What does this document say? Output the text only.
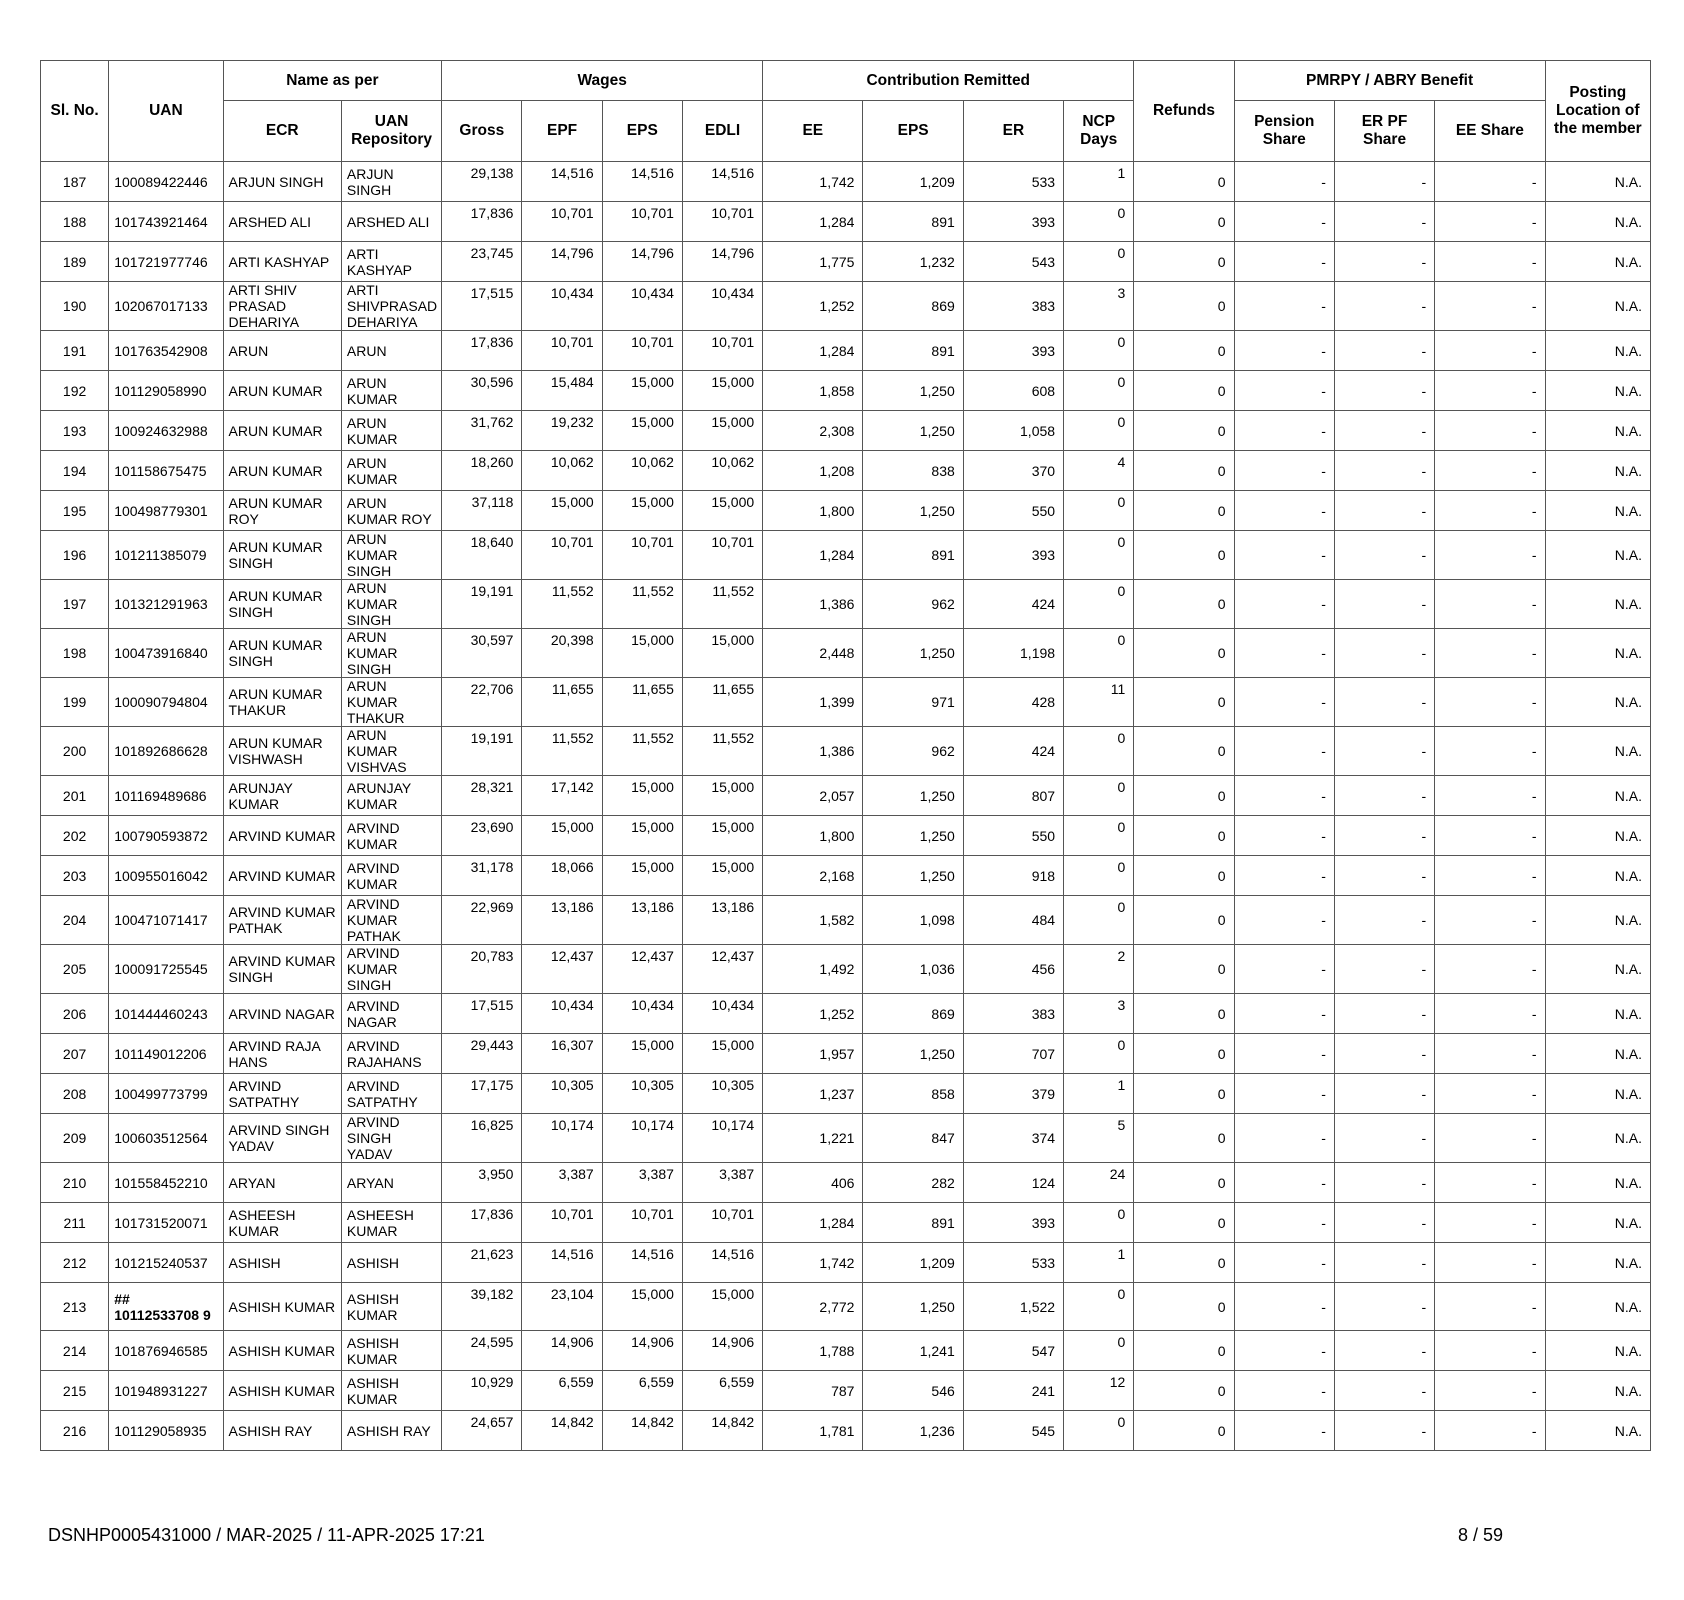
Sl. No.	UAN	Name as per		Wages				Contribution Remitted				Refunds	PMRPY / ABRY Benefit			Posting Location of the member
		ECR	UAN Repository	Gross	EPF	EPS	EDLI	EE	EPS	ER	NCP Days		Pension Share	ER PF Share	EE Share	
187	100089422446	ARJUN SINGH	ARJUN SINGH	29,138	14,516	14,516	14,516	1,742	1,209	533	1	0	-	-	-	N.A.
188	101743921464	ARSHED ALI	ARSHED ALI	17,836	10,701	10,701	10,701	1,284	891	393	0	0	-	-	-	N.A.
189	101721977746	ARTI KASHYAP	ARTI KASHYAP	23,745	14,796	14,796	14,796	1,775	1,232	543	0	0	-	-	-	N.A.
190	102067017133	ARTI SHIV PRASAD DEHARIYA	ARTI SHIVPRASAD DEHARIYA	17,515	10,434	10,434	10,434	1,252	869	383	3	0	-	-	-	N.A.
191	101763542908	ARUN	ARUN	17,836	10,701	10,701	10,701	1,284	891	393	0	0	-	-	-	N.A.
192	101129058990	ARUN KUMAR	ARUN KUMAR	30,596	15,484	15,000	15,000	1,858	1,250	608	0	0	-	-	-	N.A.
193	100924632988	ARUN KUMAR	ARUN KUMAR	31,762	19,232	15,000	15,000	2,308	1,250	1,058	0	0	-	-	-	N.A.
194	101158675475	ARUN KUMAR	ARUN KUMAR	18,260	10,062	10,062	10,062	1,208	838	370	4	0	-	-	-	N.A.
195	100498779301	ARUN KUMAR ROY	ARUN KUMAR ROY	37,118	15,000	15,000	15,000	1,800	1,250	550	0	0	-	-	-	N.A.
196	101211385079	ARUN KUMAR SINGH	ARUN KUMAR SINGH	18,640	10,701	10,701	10,701	1,284	891	393	0	0	-	-	-	N.A.
197	101321291963	ARUN KUMAR SINGH	ARUN KUMAR SINGH	19,191	11,552	11,552	11,552	1,386	962	424	0	0	-	-	-	N.A.
198	100473916840	ARUN KUMAR SINGH	ARUN KUMAR SINGH	30,597	20,398	15,000	15,000	2,448	1,250	1,198	0	0	-	-	-	N.A.
199	100090794804	ARUN KUMAR THAKUR	ARUN KUMAR THAKUR	22,706	11,655	11,655	11,655	1,399	971	428	11	0	-	-	-	N.A.
200	101892686628	ARUN KUMAR VISHWASH	ARUN KUMAR VISHVAS	19,191	11,552	11,552	11,552	1,386	962	424	0	0	-	-	-	N.A.
201	101169489686	ARUNJAY KUMAR	ARUNJAY KUMAR	28,321	17,142	15,000	15,000	2,057	1,250	807	0	0	-	-	-	N.A.
202	100790593872	ARVIND KUMAR	ARVIND KUMAR	23,690	15,000	15,000	15,000	1,800	1,250	550	0	0	-	-	-	N.A.
203	100955016042	ARVIND KUMAR	ARVIND KUMAR	31,178	18,066	15,000	15,000	2,168	1,250	918	0	0	-	-	-	N.A.
204	100471071417	ARVIND KUMAR PATHAK	ARVIND KUMAR PATHAK	22,969	13,186	13,186	13,186	1,582	1,098	484	0	0	-	-	-	N.A.
205	100091725545	ARVIND KUMAR SINGH	ARVIND KUMAR SINGH	20,783	12,437	12,437	12,437	1,492	1,036	456	2	0	-	-	-	N.A.
206	101444460243	ARVIND NAGAR	ARVIND NAGAR	17,515	10,434	10,434	10,434	1,252	869	383	3	0	-	-	-	N.A.
207	101149012206	ARVIND RAJA HANS	ARVIND RAJAHANS	29,443	16,307	15,000	15,000	1,957	1,250	707	0	0	-	-	-	N.A.
208	100499773799	ARVIND SATPATHY	ARVIND SATPATHY	17,175	10,305	10,305	10,305	1,237	858	379	1	0	-	-	-	N.A.
209	100603512564	ARVIND SINGH YADAV	ARVIND SINGH YADAV	16,825	10,174	10,174	10,174	1,221	847	374	5	0	-	-	-	N.A.
210	101558452210	ARYAN	ARYAN	3,950	3,387	3,387	3,387	406	282	124	24	0	-	-	-	N.A.
211	101731520071	ASHEESH KUMAR	ASHEESH KUMAR	17,836	10,701	10,701	10,701	1,284	891	393	0	0	-	-	-	N.A.
212	101215240537	ASHISH	ASHISH	21,623	14,516	14,516	14,516	1,742	1,209	533	1	0	-	-	-	N.A.
213	## 10112533708 9	ASHISH KUMAR	ASHISH KUMAR	39,182	23,104	15,000	15,000	2,772	1,250	1,522	0	0	-	-	-	N.A.
214	101876946585	ASHISH KUMAR	ASHISH KUMAR	24,595	14,906	14,906	14,906	1,788	1,241	547	0	0	-	-	-	N.A.
215	101948931227	ASHISH KUMAR	ASHISH KUMAR	10,929	6,559	6,559	6,559	787	546	241	12	0	-	-	-	N.A.
216	101129058935	ASHISH RAY	ASHISH RAY	24,657	14,842	14,842	14,842	1,781	1,236	545	0	0	-	-	-	N.A.
DSNHP0005431000 / MAR-2025 / 11-APR-2025 17:21	8 / 59
